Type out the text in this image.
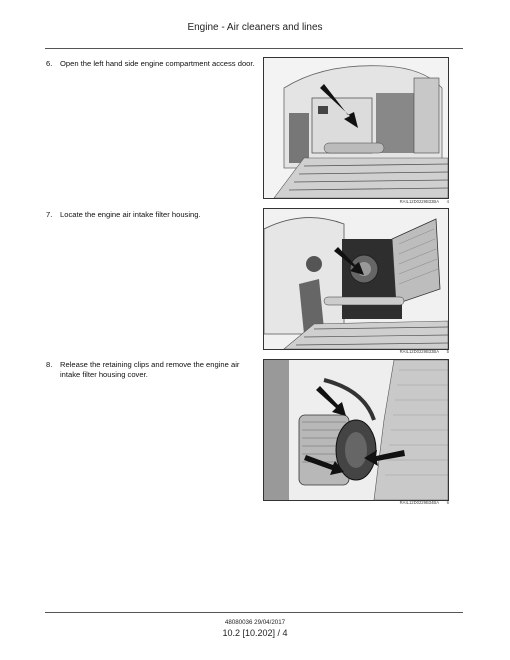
Engine - Air cleaners and lines
6.	Open the left hand side engine compartment access door.
RAIL12D0229B33BA 4
7.	Locate the engine air intake filter housing.
RAIL12D0229B33BA 5
8.	Release the retaining clips and remove the engine air intake filter housing cover.
RAIL12D0229B34BA 6
48080036 29/04/2017
10.2 [10.202] / 4
